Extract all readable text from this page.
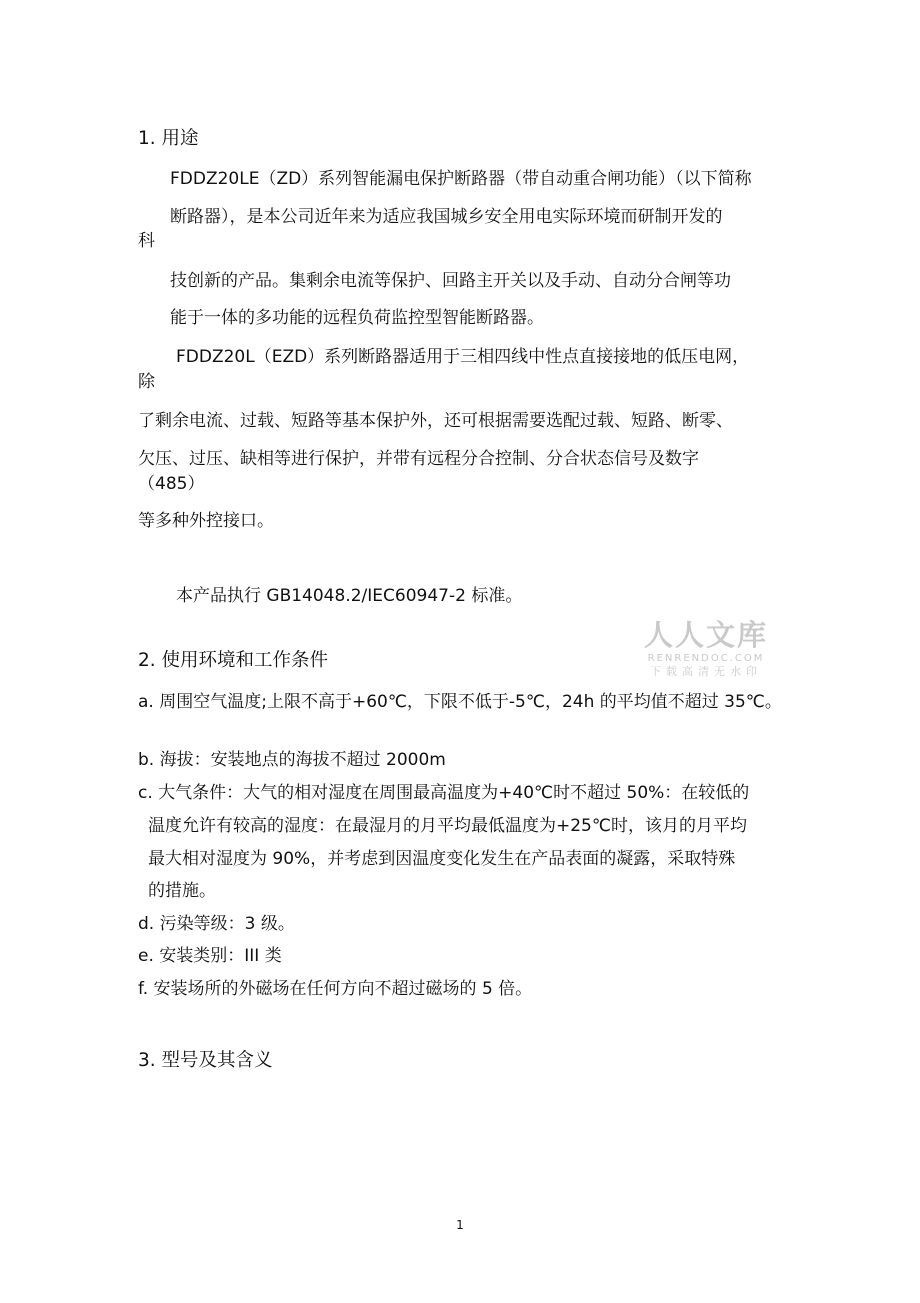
1. 用途
FDDZ20LE（ZD）系列智能漏电保护断路器（带自动重合闸功能）（以下简称
断路器），是本公司近年来为适应我国城乡安全用电实际环境而研制开发的
科
技创新的产品。集剩余电流等保护、回路主开关以及手动、自动分合闸等功
能于一体的多功能的远程负荷监控型智能断路器。
FDDZ20L（EZD）系列断路器适用于三相四线中性点直接接地的低压电网，
除
了剩余电流、过载、短路等基本保护外，还可根据需要选配过载、短路、断零、
欠压、过压、缺相等进行保护，并带有远程分合控制、分合状态信号及数字
（485）
等多种外控接口。
本产品执行 GB14048.2/IEC60947-2 标准。
人人文库
RENRENDOC.COM
下载高清无水印
2. 使用环境和工作条件
a. 周围空气温度;上限不高于+60℃，下限不低于-5℃，24h 的平均值不超过 35℃。
b. 海拔：安装地点的海拔不超过 2000m
c. 大气条件：大气的相对湿度在周围最高温度为+40℃时不超过 50%：在较低的
温度允许有较高的湿度：在最湿月的月平均最低温度为+25℃时，该月的月平均
最大相对湿度为 90%，并考虑到因温度变化发生在产品表面的凝露，采取特殊
的措施。
d. 污染等级：3 级。
e. 安装类别：III 类
f. 安装场所的外磁场在任何方向不超过磁场的 5 倍。
3. 型号及其含义
1
